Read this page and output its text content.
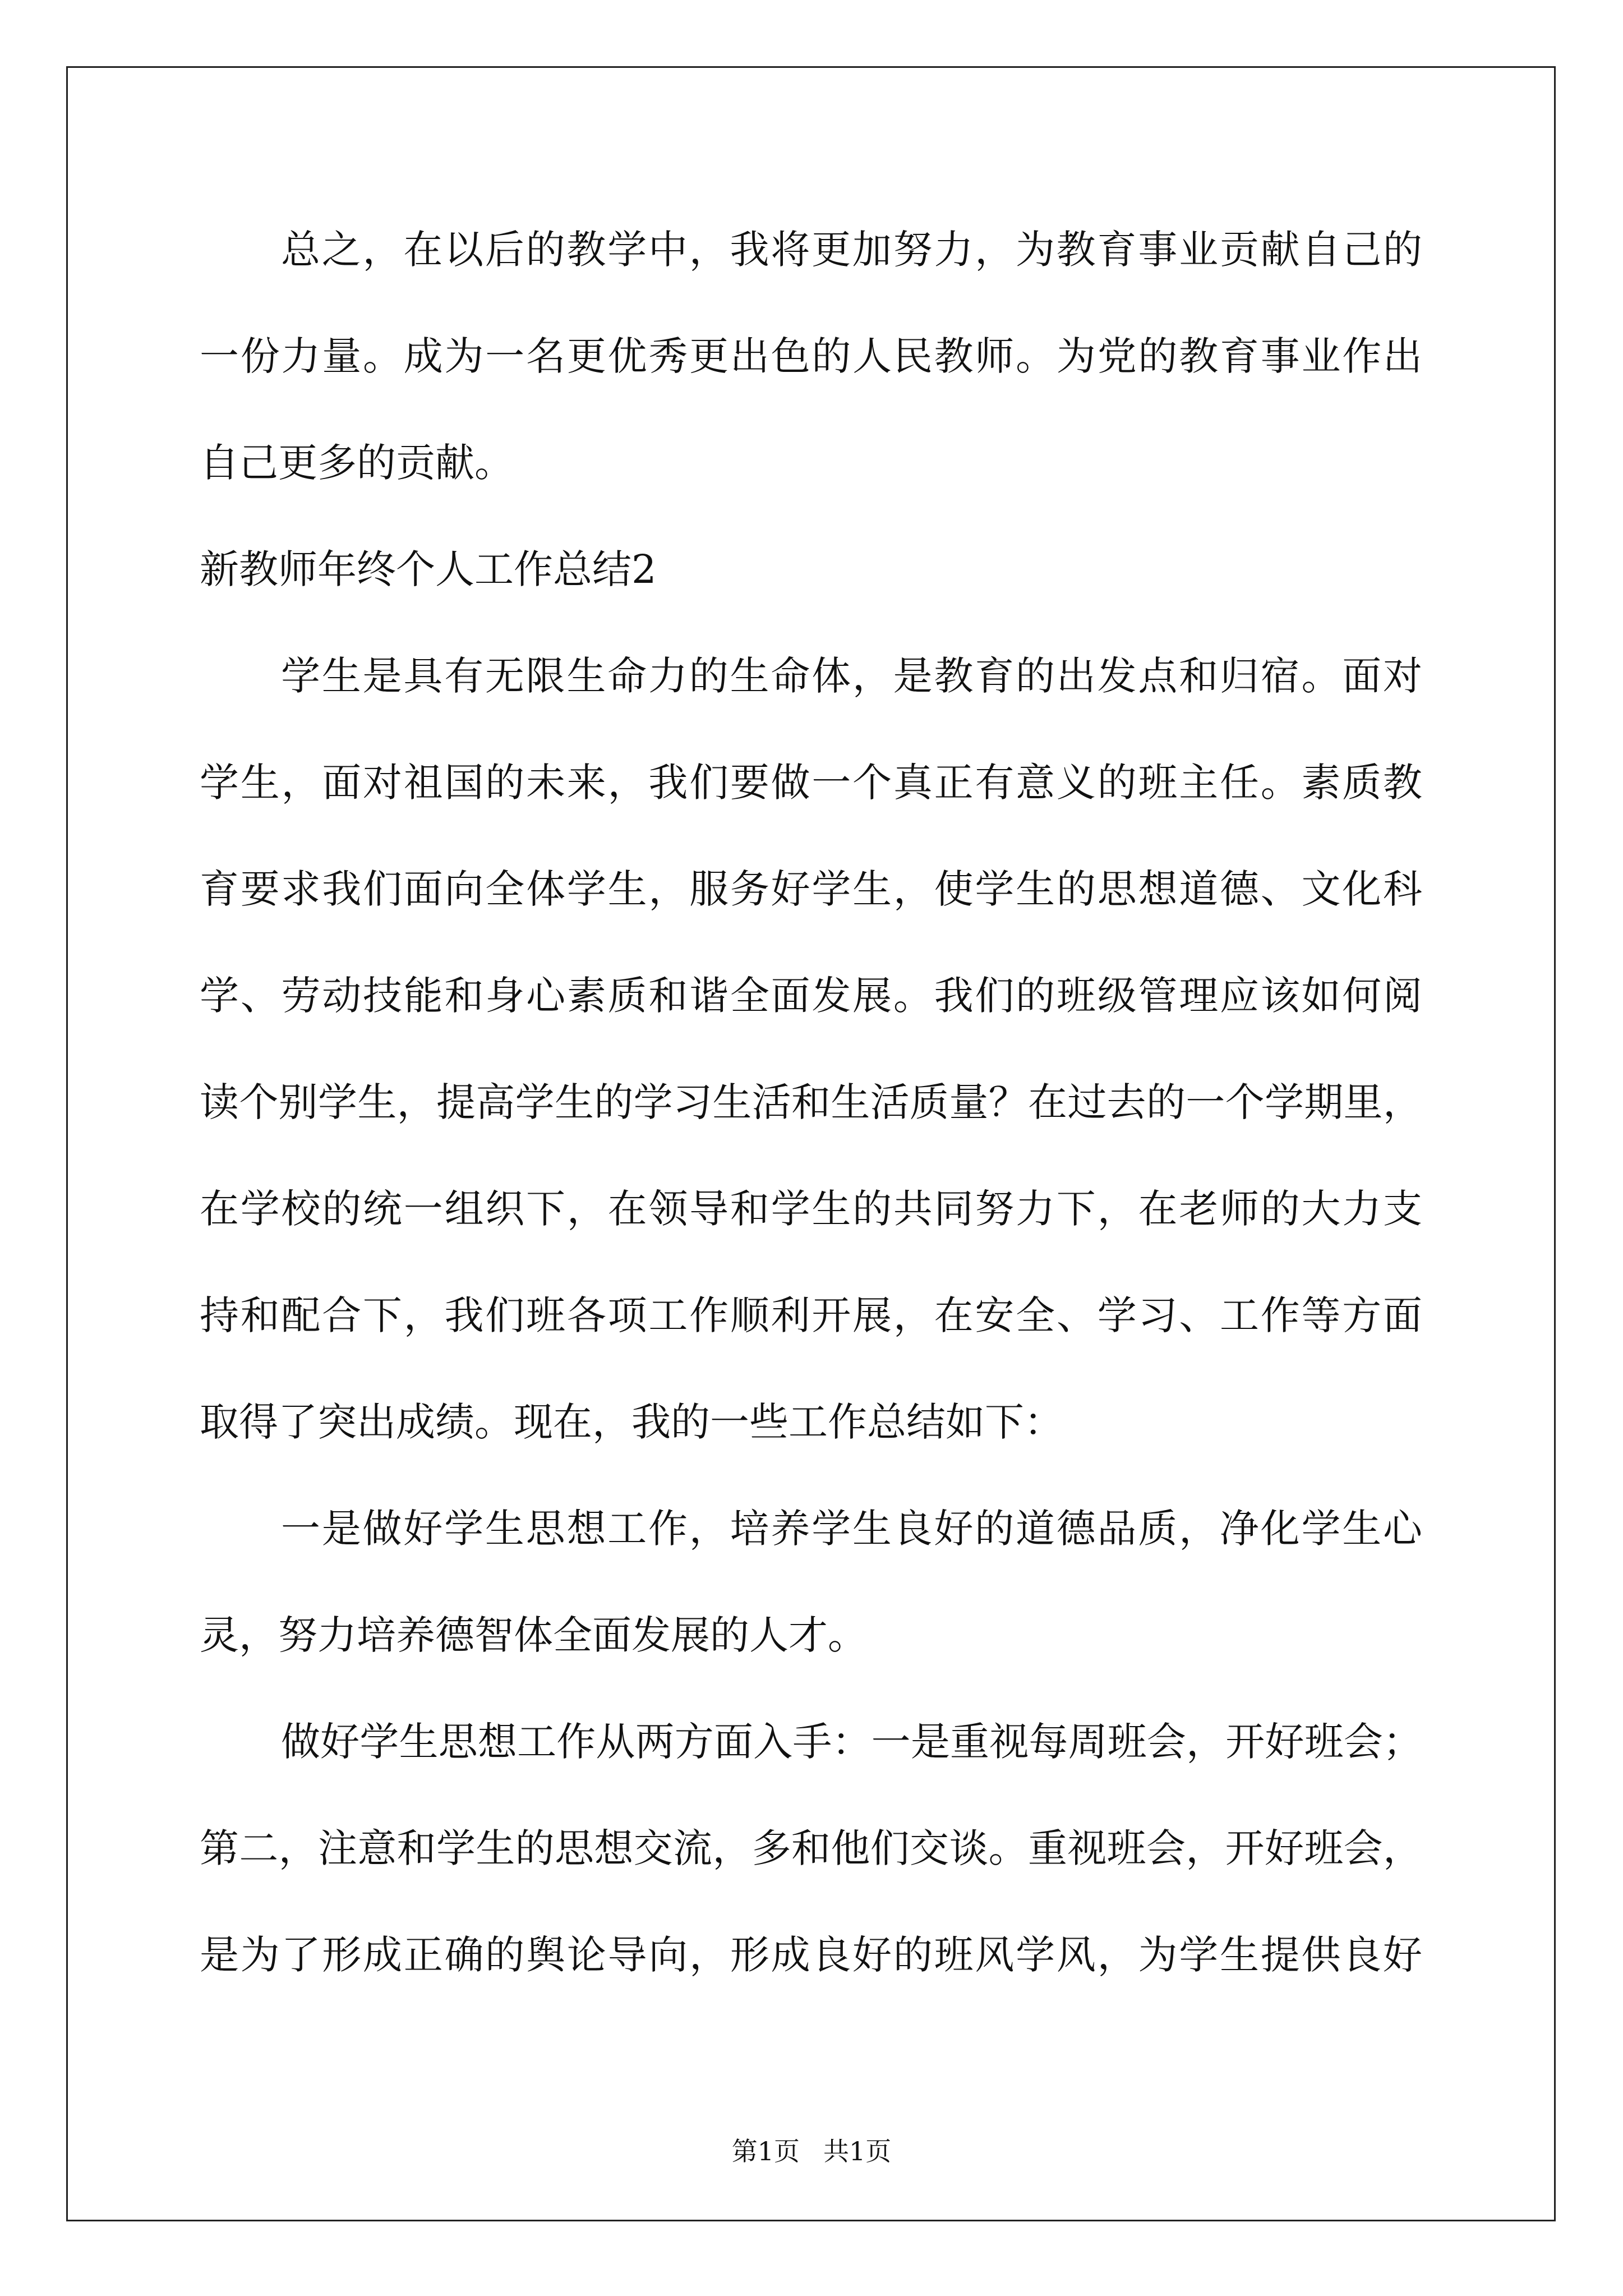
总之，在以后的教学中，我将更加努力，为教育事业贡献自己的
一份力量。成为一名更优秀更出色的人民教师。为党的教育事业作出
自己更多的贡献。
新教师年终个人工作总结2
学生是具有无限生命力的生命体，是教育的出发点和归宿。面对
学生，面对祖国的未来，我们要做一个真正有意义的班主任。素质教
育要求我们面向全体学生，服务好学生，使学生的思想道德、文化科
学、劳动技能和身心素质和谐全面发展。我们的班级管理应该如何阅
读个别学生，提高学生的学习生活和生活质量？在过去的一个学期里，
在学校的统一组织下，在领导和学生的共同努力下，在老师的大力支
持和配合下，我们班各项工作顺利开展，在安全、学习、工作等方面
取得了突出成绩。现在，我的一些工作总结如下：
一是做好学生思想工作，培养学生良好的道德品质，净化学生心
灵，努力培养德智体全面发展的人才。
做好学生思想工作从两方面入手：一是重视每周班会，开好班会；
第二，注意和学生的思想交流，多和他们交谈。重视班会，开好班会，
是为了形成正确的舆论导向，形成良好的班风学风，为学生提供良好
第1页 共1页
